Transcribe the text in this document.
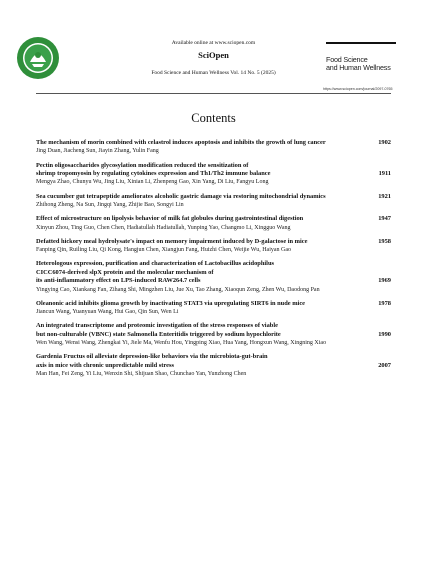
Available online at www.sciopen.com
SciOpen
Food Science and Human Wellness Vol. 14 No. 5 (2025)
Food Science
and Human Wellness
https://www.sciopen.com/journal/2097-0765
Contents
1902
The mechanism of morin combined with celastrol induces apoptosis and inhibits the growth of lung cancer
Jing Duan, Jiacheng Sun, Jiayin Zhang, Yulin Fang
1911
Pectin oligosaccharides glycosylation modification reduced the sensitization of
shrimp tropomyosin by regulating cytokines expression and Th1/Th2 immune balance
Mengya Zhao, Chunyu Wu, Jing Liu, Xinian Li, Zhenpeng Gao, Xin Yang, Di Liu, Fangyu Long
1921
Sea cucumber gut tetrapeptide ameliorates alcoholic gastric damage via restoring mitochondrial dynamics
Zhihong Zheng, Na Sun, Jingqi Yang, Zhijie Bao, Songyi Lin
1947
Effect of microstructure on lipolysis behavior of milk fat globules during gastrointestinal digestion
Xinyun Zhou, Ting Guo, Chen Chen, Hadiatullah Hadiatullah, Yunping Yao, Changmo Li, Xingguo Wang
1958
Defatted hickory meal hydrolysate's impact on memory impairment induced by D-galactose in mice
Fanping Qin, Ruiling Liu, Qi Kong, Hangjun Chen, Xiangjun Fang, Huizhi Chen, Weijie Wu, Haiyan Gao
1969
Heterologous expression, purification and characterization of Lactobacillus acidophilus
CICC6074-derived slpX protein and the molecular mechanism of
its anti-inflammatory effect on LPS-induced RAW264.7 cells
Yingying Cao, Xiankang Fan, Zihang Shi, Mingzhen Liu, Jue Xu, Tao Zhang, Xiaoqun Zeng, Zhen Wu, Daodong Pan
1978
Oleanonic acid inhibits glioma growth by inactivating STAT3 via upregulating SIRT6 in nude mice
Jiancun Wang, Yuanyuan Wang, Hui Gao, Qin Sun, Wen Li
1990
An integrated transcriptome and proteomic investigation of the stress responses of viable
but non-culturable (VBNC) state Salmonella Enteritidis triggered by sodium hypochlorite
Wen Wang, Wensi Wang, Zhengkai Yi, Jiele Ma, Wenfu Hou, Yingping Xiao, Hua Yang, Hongxun Wang, Xingning Xiao
2007
Gardenia Fructus oil alleviate depression-like behaviors via the microbiota-gut-brain
axis in mice with chronic unpredictable mild stress
Man Han, Fei Zeng, Yi Liu, Wenxin Shi, Shijuan Shao, Chunchao Yan, Yunzhong Chen
